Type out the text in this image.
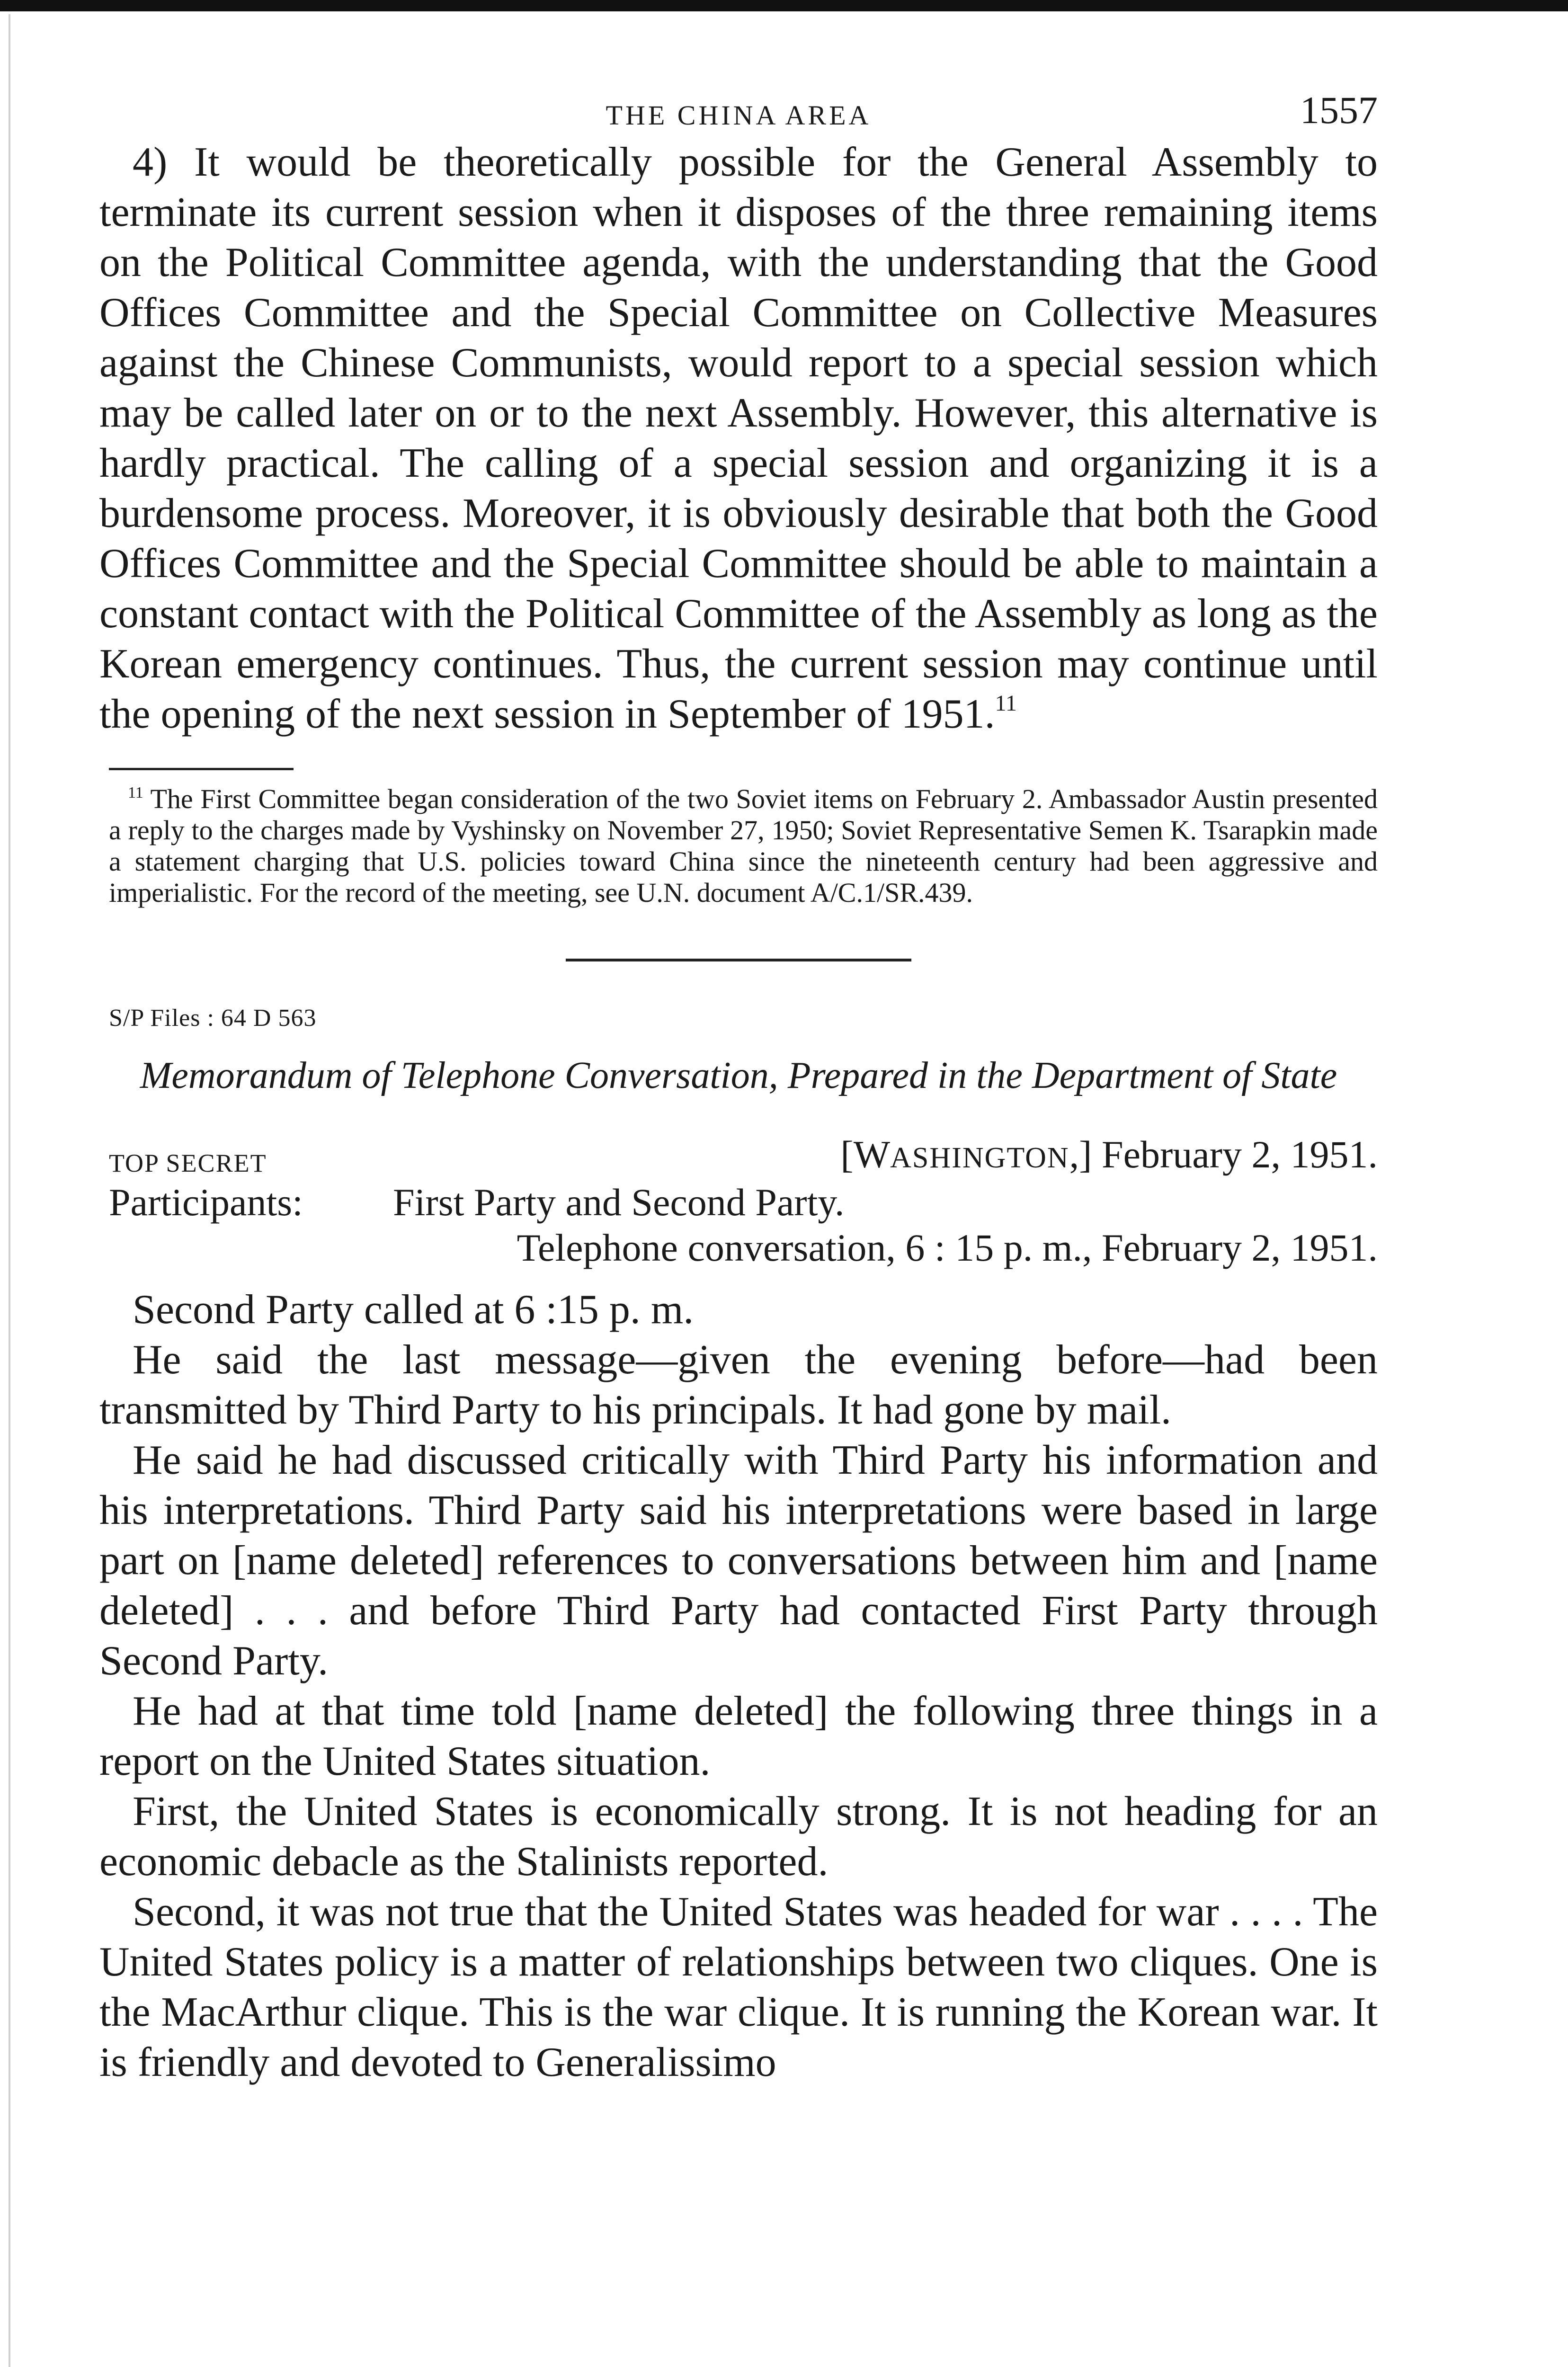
THE CHINA AREA	1557

4) It would be theoretically possible for the General Assembly to terminate its current session when it disposes of the three remaining items on the Political Committee agenda, with the understanding that the Good Offices Committee and the Special Committee on Collective Measures against the Chinese Communists, would report to a special session which may be called later on or to the next Assembly. However, this alternative is hardly practical. The calling of a special session and organizing it is a burdensome process. Moreover, it is obviously desirable that both the Good Offices Committee and the Special Committee should be able to maintain a constant contact with the Political Committee of the Assembly as long as the Korean emergency continues. Thus, the current session may continue until the opening of the next session in September of 1951.11

$^{11}$ The First Committee began consideration of the two Soviet items on February 2. Ambassador Austin presented a reply to the charges made by Vyshinsky on November 27, 1950; Soviet Representative Semen K. Tsarapkin made a statement charging that U.S. policies toward China since the nineteenth century had been aggressive and imperialistic. For the record of the meeting, see U.N. document A/C.1/SR.439.

S/P Files : 64 D 563
Memorandum of Telephone Conversation, Prepared in the Department of State
TOP SECRET	[WASHINGTON,] February 2, 1951.
Participants:	First Party and Second Party.
Telephone conversation, 6 : 15 p. m., February 2, 1951.

Second Party called at 6 :15 p. m.

He said the last message—given the evening before—had been transmitted by Third Party to his principals. It had gone by mail.

He said he had discussed critically with Third Party his information and his interpretations. Third Party said his interpretations were based in large part on [name deleted] references to conversations between him and [name deleted] . . . and before Third Party had contacted First Party through Second Party.

He had at that time told [name deleted] the following three things in a report on the United States situation.

First, the United States is economically strong. It is not heading for an economic debacle as the Stalinists reported.

Second, it was not true that the United States was headed for war . . . . The United States policy is a matter of relationships between two cliques. One is the MacArthur clique. This is the war clique. It is running the Korean war. It is friendly and devoted to Generalissimo
